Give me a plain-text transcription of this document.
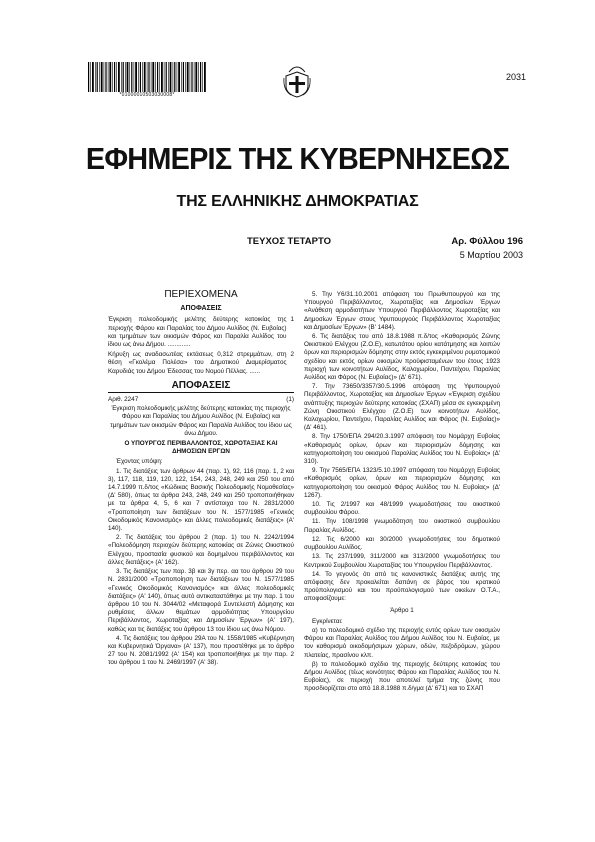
*01000010503030008*
2031
ΕΦΗΜΕΡΙΣ ΤΗΣ ΚΥΒΕΡΝΗΣΕΩΣ
ΤΗΣ ΕΛΛΗΝΙΚΗΣ ΔΗΜΟΚΡΑΤΙΑΣ
ΤΕΥΧΟΣ ΤΕΤΑΡΤΟ	Αρ. Φύλλου 196
5 Μαρτίου 2003
ΠΕΡΙΕΧΟΜΕΝΑ
ΑΠΟΦΑΣΕΙΣ
Έγκριση πολεοδομικής μελέτης δεύτερης κατοικίας της περιοχής Φάρου και Παραλίας του Δήμου Αυλίδος (Ν. Ευβοίας) και τμημάτων των οικισμών Φάρος και Παραλία Αυλίδος του ίδιου ως άνω Δήμου. .............
1
Κήρυξη ως αναδασωτέας εκτάσεως 0,312 στρεμμάτων, στη θέση «Γκολέμα Πολέσα» του Δημοτικού Διαμερίσματος Καρυδιάς του Δήμου Έδεσσας του Νομού Πέλλας. ......
2
ΑΠΟΦΑΣΕΙΣ
Αριθ. 2247	(1)

Έγκριση πολεοδομικής μελέτης δεύτερης κατοικίας της περιοχής Φάρου και Παραλίας του Δήμου Αυλίδος (Ν. Ευβοίας) και τμημάτων των οικισμών Φάρος και Παραλία Αυλίδος του ίδιου ως άνω Δήμου.

Ο ΥΠΟΥΡΓΟΣ ΠΕΡΙΒΑΛΛΟΝΤΟΣ, ΧΩΡΟΤΑΞΙΑΣ ΚΑΙ ΔΗΜΟΣΙΩΝ ΕΡΓΩΝ

Έχοντας υπόψη:

1. Τις διατάξεις των άρθρων 44 (παρ. 1), 92, 116 (παρ. 1, 2 και 3), 117, 118, 119, 120, 122, 154, 243, 248, 249 και 250 του από 14.7.1999 π.δ/τος «Κώδικας Βασικής Πολεοδομικής Νομοθεσίας» (Δ' 580), όπως τα άρθρα 243, 248, 249 και 250 τροποποιήθηκαν με τα άρθρα 4, 5, 6 και 7 αντίστοιχα του Ν. 2831/2000 «Τροποποίηση των διατάξεων του Ν. 1577/1985 «Γενικός Οικοδομικός Κανονισμός» και άλλες πολεοδομικές διατάξεις» (Α' 140).

2. Τις διατάξεις του άρθρου 2 (παρ. 1) του Ν. 2242/1994 «Πολεοδόμηση περιοχών δεύτερης κατοικίας σε Ζώνες Οικιστικού Ελέγχου, προστασία φυσικού και δομημένου περιβάλλοντος και άλλες διατάξεις» (Α' 162).

3. Τις διατάξεις των παρ. 3β και 3γ περ. αα του άρθρου 29 του Ν. 2831/2000 «Τροποποίηση των διατάξεων του Ν. 1577/1985 «Γενικός Οικοδομικός Κανονισμός» και άλλες πολεοδομικές διατάξεις» (Α' 140), όπως αυτό αντικαταστάθηκε με την παρ. 1 του άρθρου 10 του Ν. 3044/02 «Μεταφορά Συντελεστή Δόμησης και ρυθμίσεις άλλων θεμάτων αρμοδιότητας Υπουργείου Περιβάλλοντος, Χωροταξίας και Δημοσίων Έργων» (Α' 197), καθώς και τις διατάξεις του άρθρου 13 του ίδιου ως άνω Νόμου.

4. Τις διατάξεις του άρθρου 29Α του Ν. 1558/1985 «Κυβέρνηση και Κυβερνητικά Όργανα» (Α' 137), που προστέθηκε με το άρθρο 27 του Ν. 2081/1992 (Α' 154) και τροποποιήθηκε με την παρ. 2 του άρθρου 1 του Ν. 2469/1997 (Α' 38).

5. Την Υ6/31.10.2001 απόφαση του Πρωθυπουργού και της Υπουργού Περιβάλλοντος, Χωροταξίας και Δημοσίων Έργων «Ανάθεση αρμοδιοτήτων Υπουργού Περιβάλλοντος Χωροταξίας και Δημοσίων Έργων στους Υφυπουργούς Περιβάλλοντος Χωροταξίας και Δημοσίων Έργων» (Β' 1484).

6. Τις διατάξεις του από 18.8.1988 π.δ/τος «Καθορισμός Ζώνης Οικιστικού Ελέγχου (Ζ.Ο.Ε), κατωτάτου ορίου κατάτμησης και λοιπών όρων και περιορισμών δόμησης στην εκτός εγκεκριμένου ρυμοτομικού σχεδίου και εκτός ορίων οικισμών προϋφισταμένων του έτους 1923 περιοχή των κοινοτήτων Αυλίδος, Καλοχωρίου, Παντείχου, Παραλίας Αυλίδος και Φάρος (Ν. Ευβοίας)» (Δ' 671).

7. Την 73650/3357/30.5.1996 απόφαση της Υφυπουργού Περιβάλλοντος, Χωροταξίας και Δημοσίων Έργων «Έγκριση σχεδίου ανάπτυξης περιοχών δεύτερης κατοικίας (ΣΧΑΠ) μέσα σε εγκεκριμένη Ζώνη Οικιστικού Ελέγχου (Ζ.Ο.Ε) των κοινοτήτων Αυλίδος, Καλοχωρίου, Παντείχου, Παραλίας Αυλίδος και Φάρος (Ν. Ευβοίας)» (Δ' 461).

8. Την 1750/ΕΠΑ 294/20.3.1997 απόφαση του Νομάρχη Ευβοίας «Καθορισμός ορίων, όρων και περιορισμών δόμησης και κατηγοριοποίηση του οικισμού Παραλίας Αυλίδος του Ν. Ευβοίας» (Δ' 310).

9. Την 7565/ΕΠΑ 1323/5.10.1997 απόφαση του Νομάρχη Ευβοίας «Καθορισμός ορίων, όρων και περιορισμών δόμησης και κατηγοριοποίηση του οικισμού Φάρος Αυλίδος του Ν. Ευβοίας» (Δ' 1267).

10. Τις 2/1997 και 48/1999 γνωμοδοτήσεις του οικιστικού συμβουλίου Φάρου.

11. Την 108/1998 γνωμοδότηση του οικιστικού συμβουλίου Παραλίας Αυλίδος.

12. Τις 6/2000 και 30/2000 γνωμοδοτήσεις του δημοτικού συμβουλίου Αυλίδος.

13. Τις 237/1999, 311/2000 και 313/2000 γνωμοδοτήσεις του Κεντρικού Συμβουλίου Χωροταξίας του Υπουργείου Περιβάλλοντος.

14. Το γεγονός ότι από τις κανονιστικές διατάξεις αυτής της απόφασης δεν προκαλείται δαπάνη σε βάρος του κρατικού προϋπολογισμού και του προϋπολογισμού των οικείων Ο.Τ.Α., αποφασίζουμε:

Άρθρο 1

Εγκρίνεται:

α) το πολεοδομικό σχέδιο της περιοχής εντός ορίων των οικισμών Φάρου και Παραλίας Αυλίδος του Δήμου Αυλίδος του Ν. Ευβοίας, με τον καθορισμό οικοδομήσιμων χώρων, οδών, πεζοδρόμων, χώρου πλατείας, πρασίνου κλπ.

β) το πολεοδομικό σχέδιο της περιοχής δεύτερης κατοικίας του Δήμου Αυλίδος (τέως κοινότητες Φάρου και Παραλίας Αυλίδος του Ν. Ευβοίας), σε περιοχή που αποτελεί τμήμα της ζώνης που προσδιορίζεται στο από 18.8.1988 π.δ/γμα (Δ' 671) και το ΣΧΑΠ
